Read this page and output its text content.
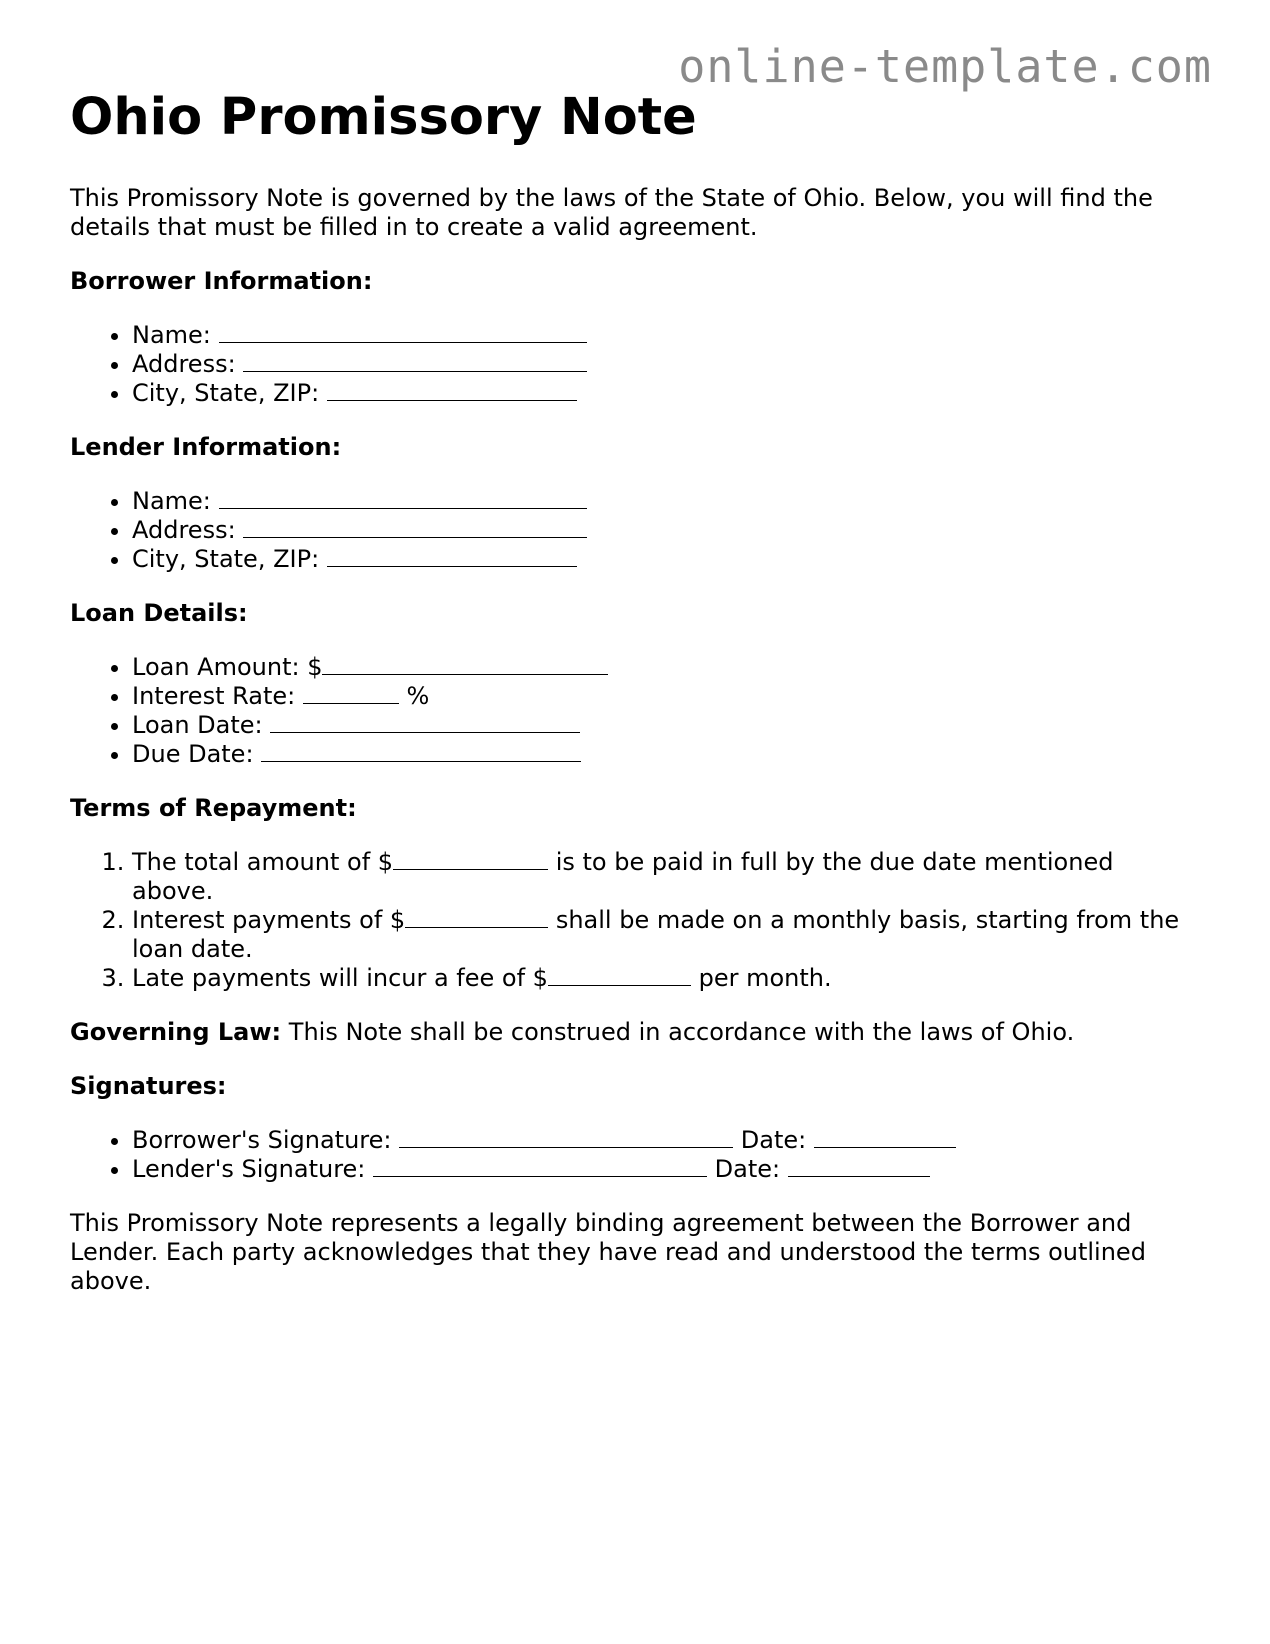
online-template.com
Ohio Promissory Note
This Promissory Note is governed by the laws of the State of Ohio. Below, you will find the details that must be filled in to create a valid agreement.
Borrower Information:
• Name:
• Address:
• City, State, ZIP:
Lender Information:
• Name:
• Address:
• City, State, ZIP:
Loan Details:
• Loan Amount: $
• Interest Rate:	%
• Loan Date:
• Due Date:
Terms of Repayment:
1. The total amount of $	is to be paid in full by the due date mentioned above.
2. Interest payments of $	shall be made on a monthly basis, starting from the loan date.
3. Late payments will incur a fee of $	per month.
Governing Law: This Note shall be construed in accordance with the laws of Ohio.
Signatures:
• Borrower's Signature:	Date:
• Lender's Signature:	Date:
This Promissory Note represents a legally binding agreement between the Borrower and Lender. Each party acknowledges that they have read and understood the terms outlined above.
